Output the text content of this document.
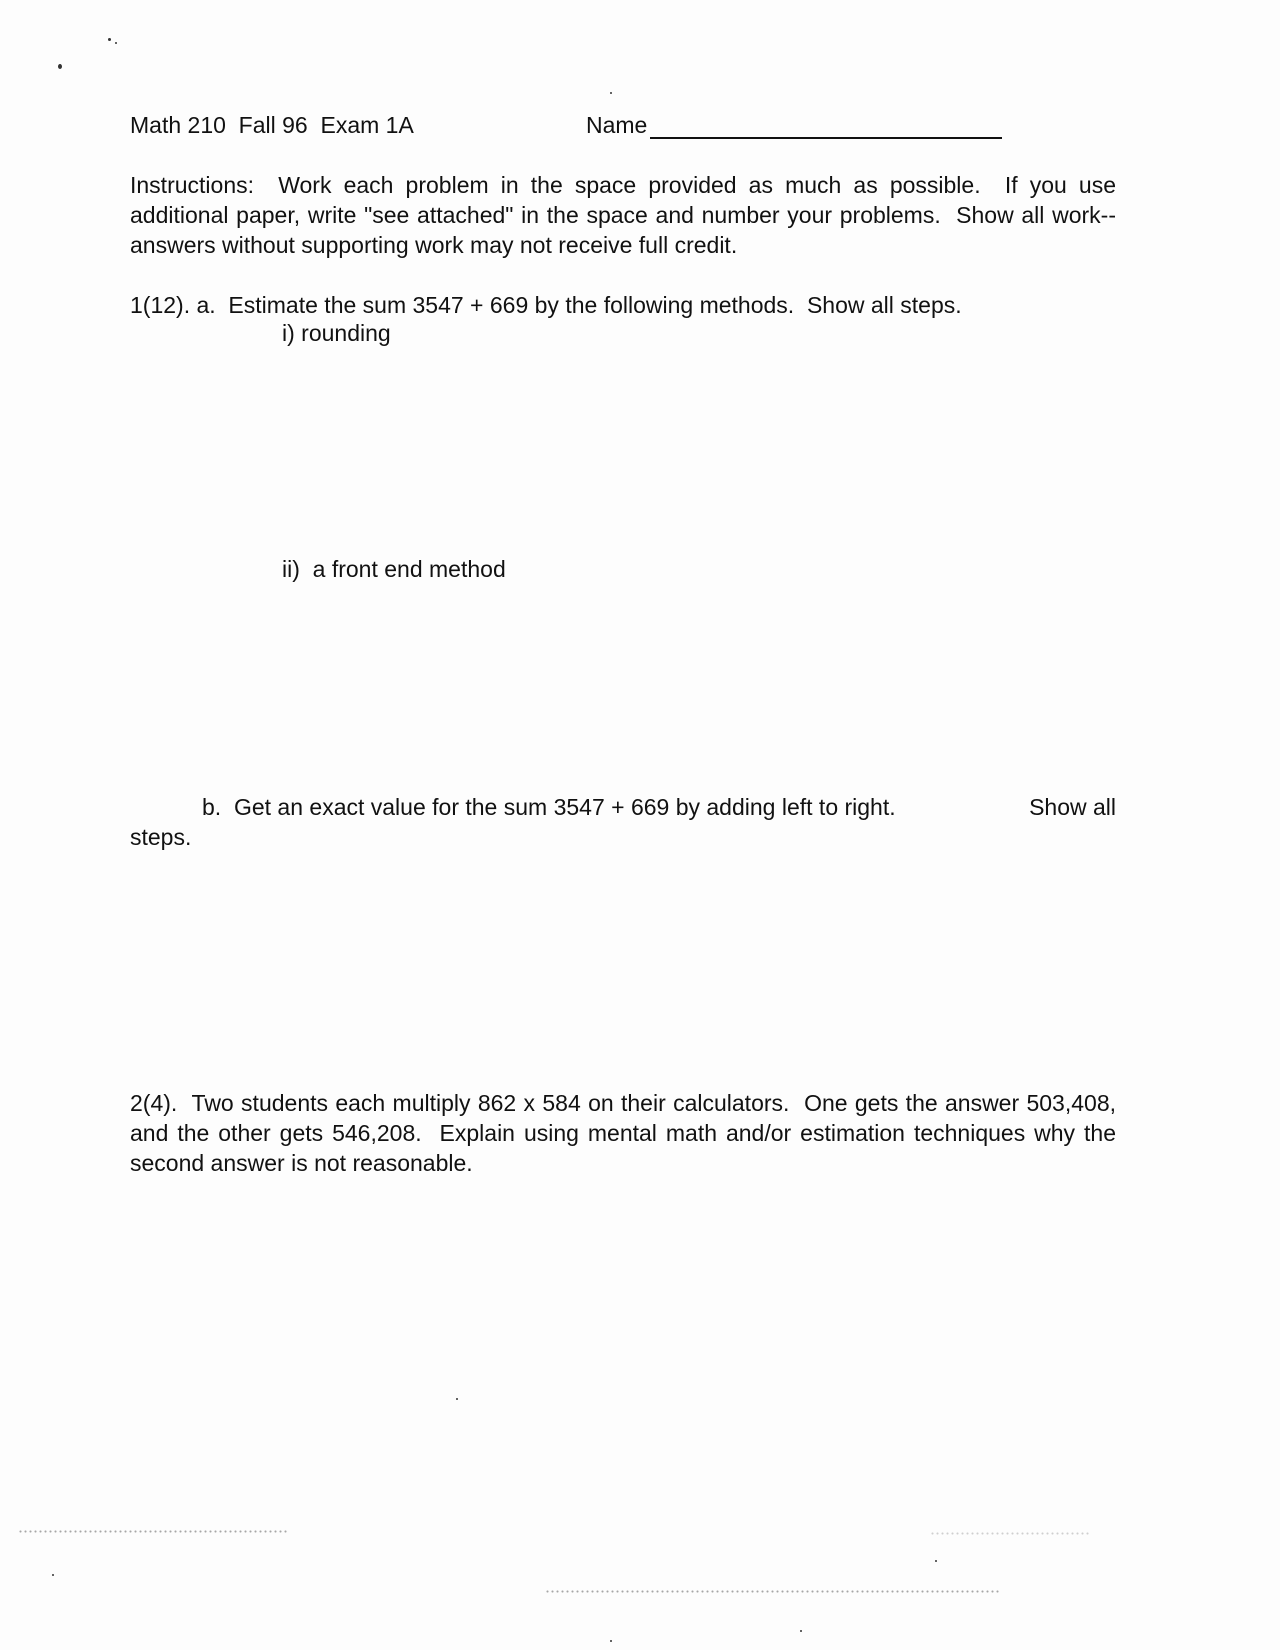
Math 210  Fall 96  Exam 1A	Name
Instructions:  Work each problem in the space provided as much as possible.  If you use additional paper, write "see attached" in the space and number your problems.  Show all work--answers without supporting work may not receive full credit.
1(12). a.  Estimate the sum 3547 + 669 by the following methods.  Show all steps.
i) rounding
ii)  a front end method
b.  Get an exact value for the sum 3547 + 669 by adding left to right.	Show all
steps.
2(4).  Two students each multiply 862 x 584 on their calculators.  One gets the answer 503,408, and the other gets 546,208.  Explain using mental math and/or estimation techniques why the second answer is not reasonable.
